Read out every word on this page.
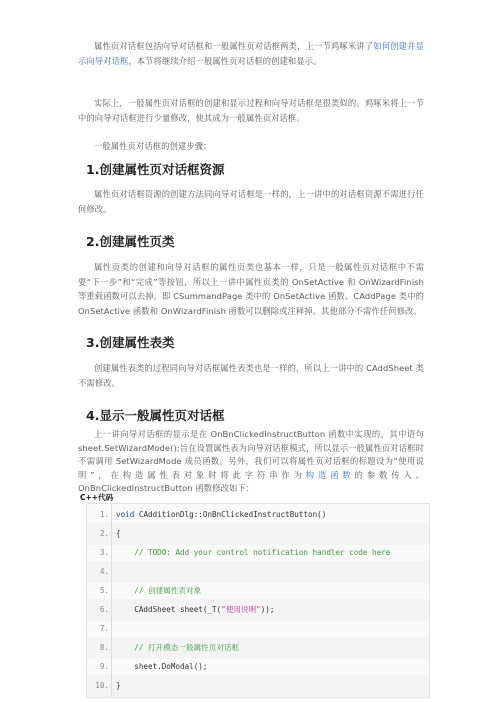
属性页对话框包括向导对话框和一般属性页对话框两类，上一节鸡啄米讲了如何创建并显示向导对话框，本节将继续介绍一般属性页对话框的创建和显示。

实际上，一般属性页对话框的创建和显示过程和向导对话框是很类似的。鸡啄米将上一节中的向导对话框进行少量修改，使其成为一般属性页对话框。

一般属性页对话框的创建步骤：

1.创建属性页对话框资源

属性页对话框资源的创建方法同向导对话框是一样的，上一讲中的对话框资源不需进行任何修改。

2.创建属性页类

属性页类的创建和向导对话框的属性页类也基本一样，只是一般属性页对话框中不需要“下一步”和“完成”等按钮，所以上一讲中属性页类的 OnSetActive 和 OnWizardFinish 等重载函数可以去掉。即 CSummandPage 类中的 OnSetActive 函数、CAddPage 类中的 OnSetActive 函数和 OnWizardFinish 函数可以删除或注释掉。其他部分不需作任何修改。

3.创建属性表类

创建属性表类的过程同向导对话框属性表类也是一样的，所以上一讲中的 CAddSheet 类不需修改。

4.显示一般属性页对话框

上一讲向导对话框的显示是在 OnBnClickedInstructButton 函数中实现的，其中语句 sheet.SetWizardMode();旨在设置属性表为向导对话框模式，所以显示一般属性页对话框时不需调用 SetWizardMode 成员函数。另外，我们可以将属性页对话框的标题设为“使用说明”，在构造属性表对象时将此字符串作为构造函数的参数传入。OnBnClickedInstructButton 函数修改如下：

C++代码
1. void CAdditionDlg::OnBnClickedInstructButton()
2. {
3.	// TODO: Add your control notification handler code here
4.
5.	// 创建属性表对象
6.    CAddSheet sheet(_T("使用说明"));
7.
8.	// 打开模态一般属性页对话框
9.    sheet.DoModal();
10. }
